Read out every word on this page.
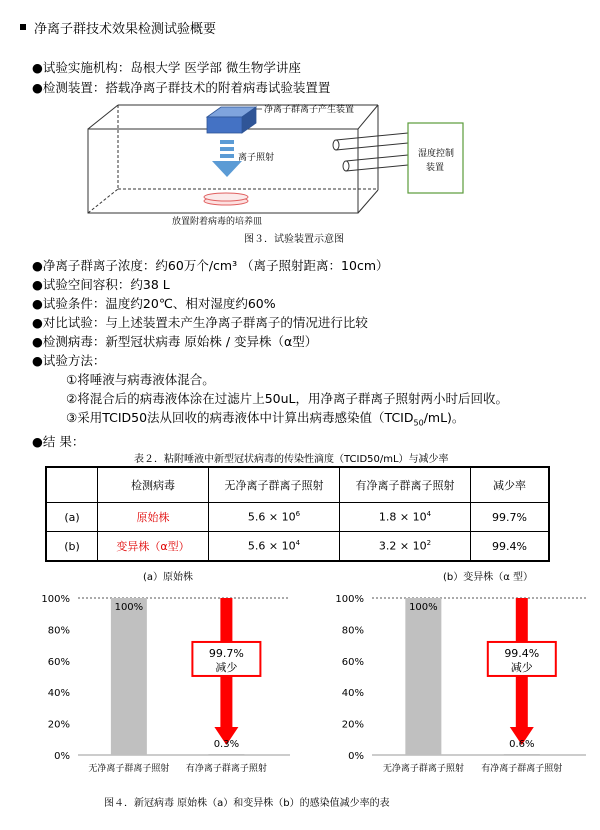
净离子群技术效果检测试验概要
●试验实施机构：岛根大学 医学部 微生物学讲座
●检测装置：搭载净离子群技术的附着病毒试验装置置
净离子群离子产生装置
离子照射
放置附着病毒的培养皿
湿度控制
装置
图３．试验装置示意图
●净离子群离子浓度：约60万个/cm³ （离子照射距离：10cm）
●试验空间容积：约38 L
●试验条件：温度约20℃、相对湿度约60%
●对比试验：与上述装置未产生净离子群离子的情况进行比较
●检测病毒：新型冠状病毒 原始株 / 变异株（α型）
●试验方法：
①将唾液与病毒液体混合。
②将混合后的病毒液体涂在过滤片上50uL，用净离子群离子照射两小时后回收。
③采用TCID50法从回收的病毒液体中计算出病毒感染值$(TCID_{50}/mL)$。
●结 果：
表２．粘附唾液中新型冠状病毒的传染性滴度（TCID50/mL）与减少率
	检测病毒	无净离子群离子照射	有净离子群离子照射	减少率
(a)	原始株	$5.6 \times 10^6$	$1.8 \times 10^4$	99.7%
(b)	变异株（α型）	$5.6 \times 10^4$	$3.2 \times 10^2$	99.4%
(a）原始株
0%
20%
40%
60%
80%
100%
100%
无净离子群离子照射
99.7%
减少
0.3%
有净离子群离子照射
(b）变异株（α 型）
0%
20%
40%
60%
80%
100%
100%
无净离子群离子照射
99.4%
减少
0.6%
有净离子群离子照射
图４．新冠病毒 原始株（a）和变异株（b）的感染值减少率的表
